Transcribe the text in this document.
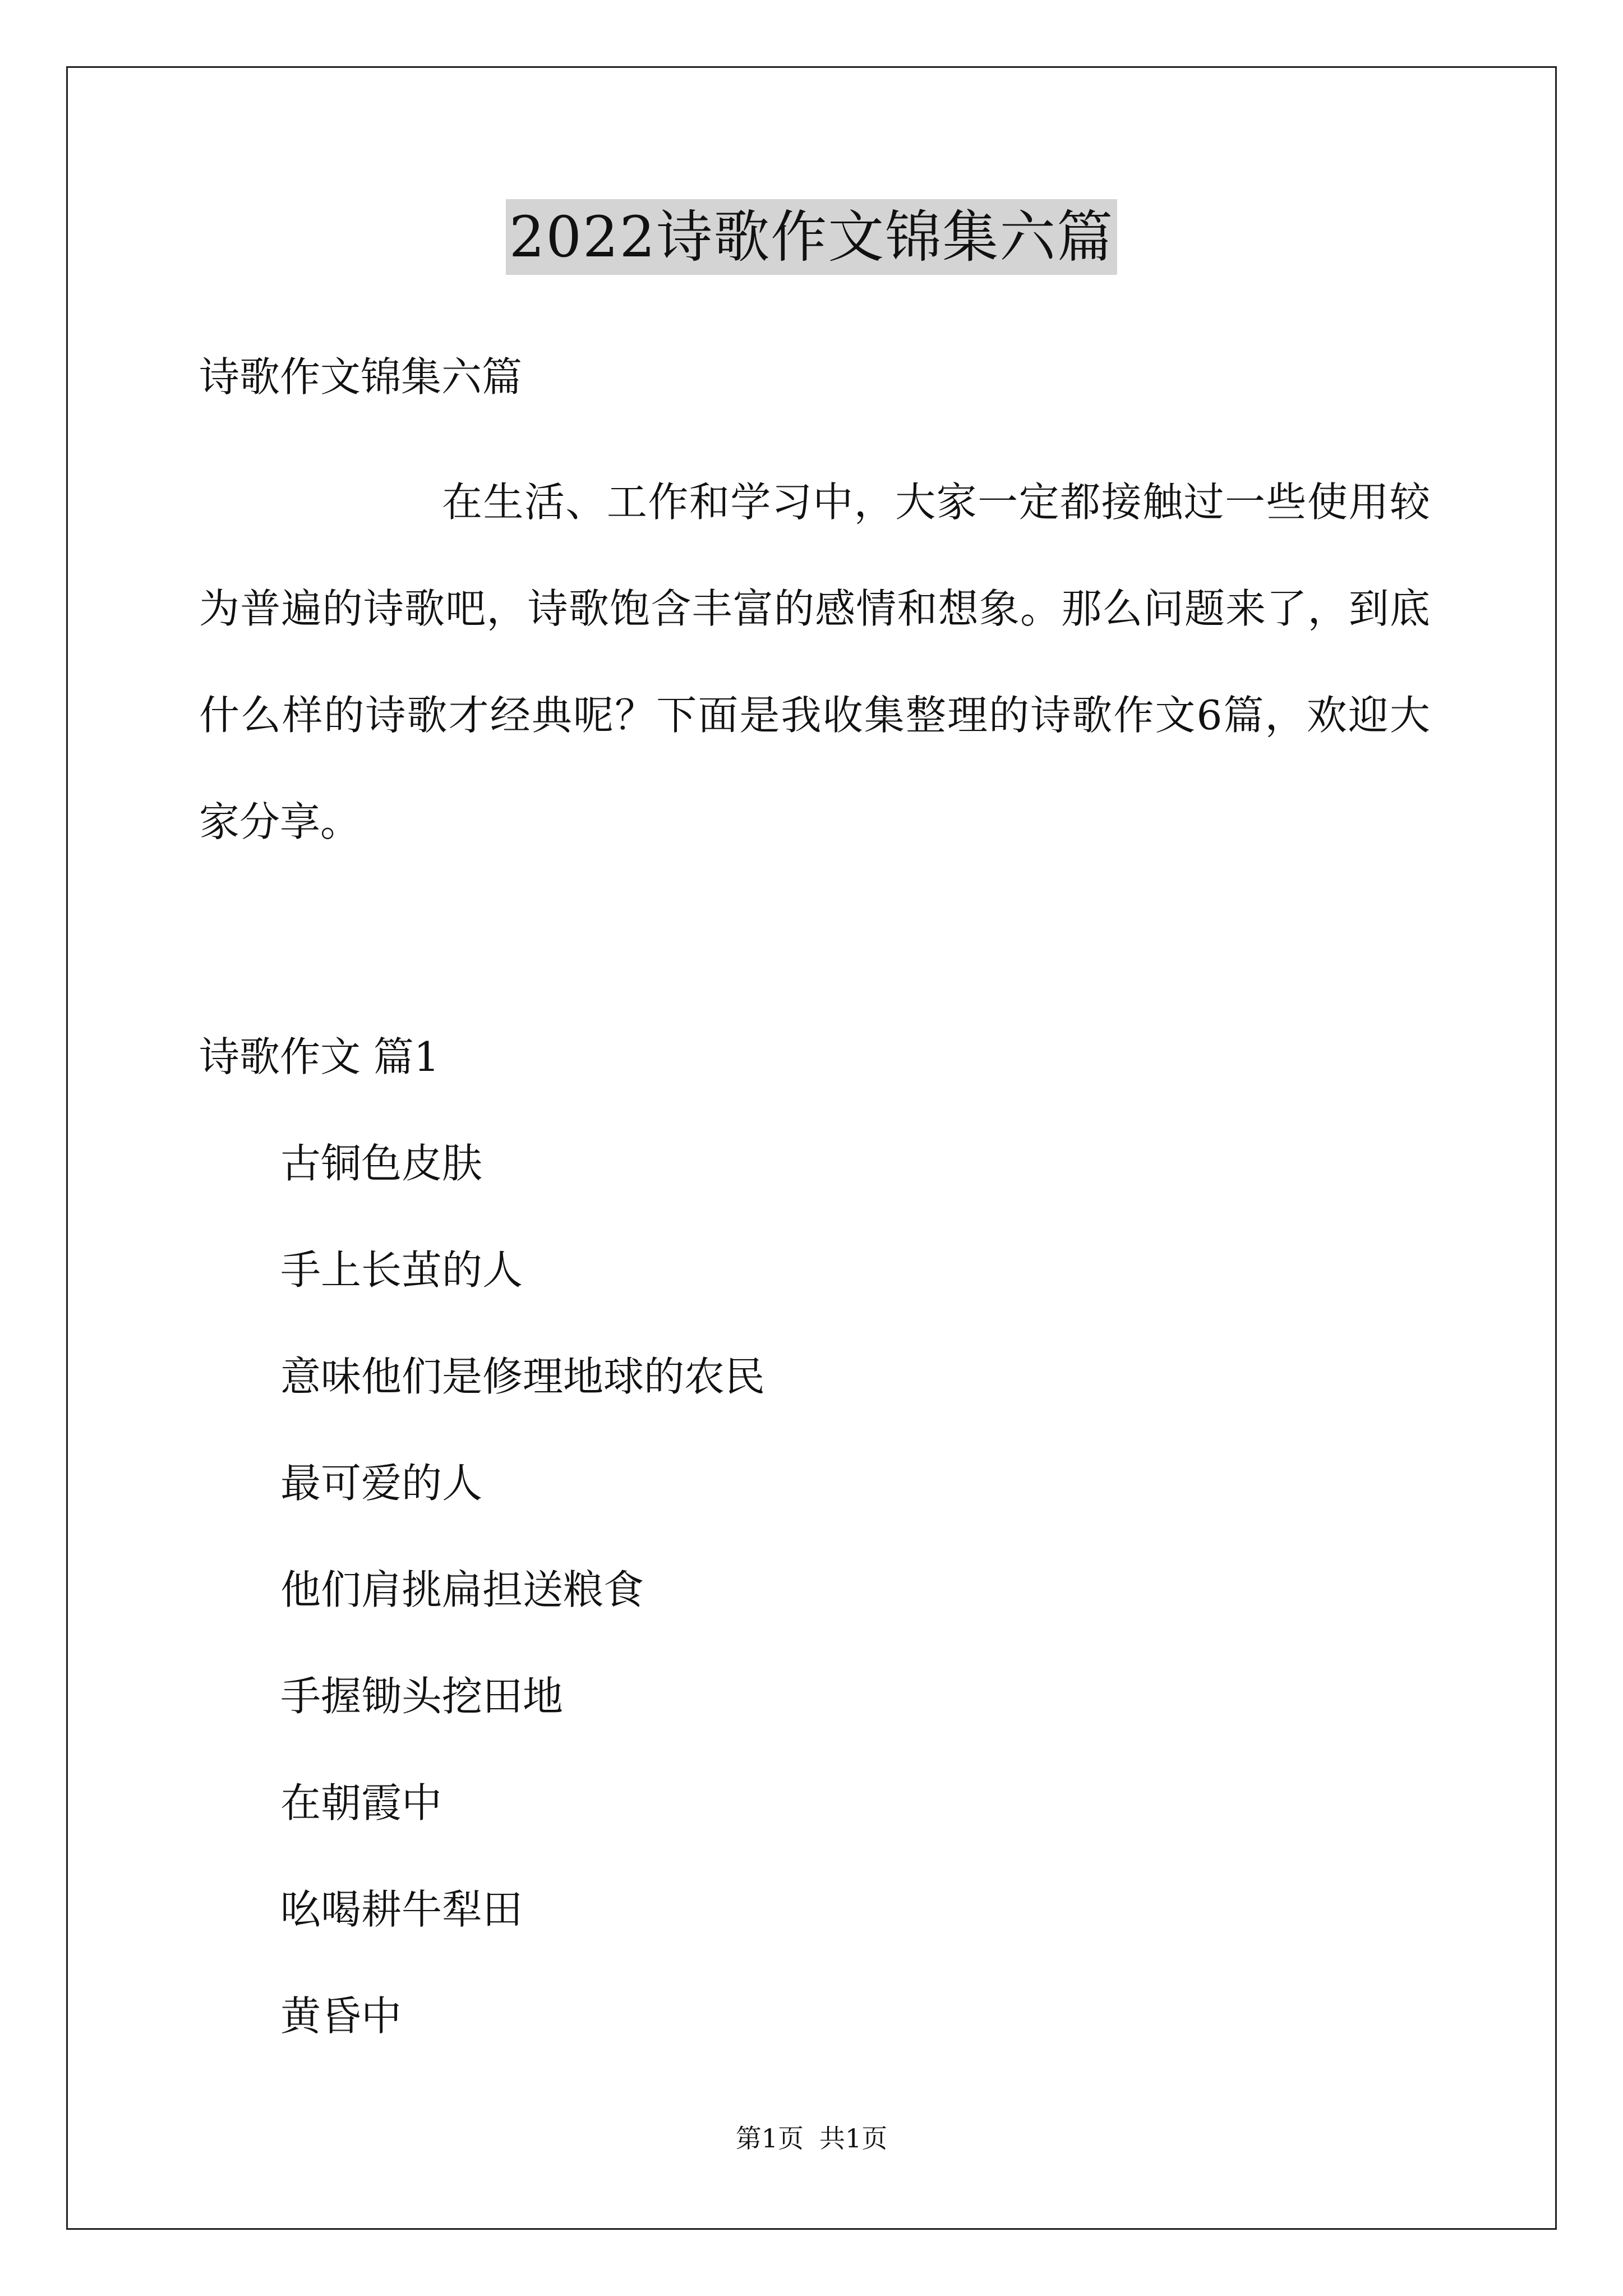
2022诗歌作文锦集六篇

诗歌作文锦集六篇

在生活、工作和学习中，大家一定都接触过一些使用较为普遍的诗歌吧，诗歌饱含丰富的感情和想象。那么问题来了，到底什么样的诗歌才经典呢？下面是我收集整理的诗歌作文6篇，欢迎大家分享。

诗歌作文 篇1

古铜色皮肤
手上长茧的人
意味他们是修理地球的农民
最可爱的人
他们肩挑扁担送粮食
手握锄头挖田地
在朝霞中
吆喝耕牛犁田
黄昏中
第1页 共1页
